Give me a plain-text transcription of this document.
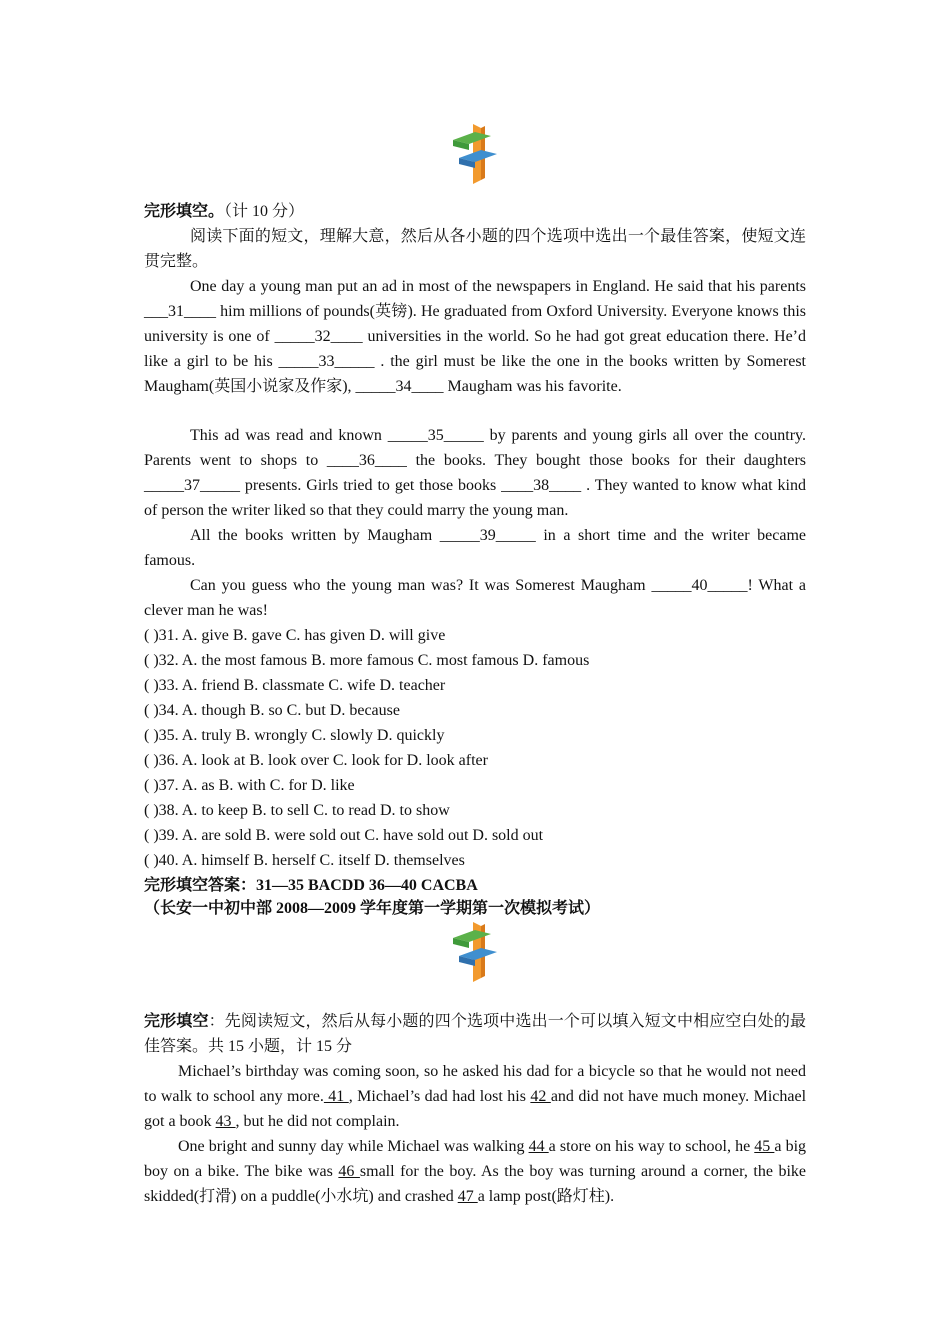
完形填空。（计 10 分）

阅读下面的短文，理解大意，然后从各小题的四个选项中选出一个最佳答案，使短文连贯完整。

One day a young man put an ad in most of the newspapers in England. He said that his parents ___31____ him millions of pounds(英镑). He graduated from Oxford University. Everyone knows this university is one of _____32____ universities in the world. So he had got great education there. He’d like a girl to be his _____33_____ . the girl must be like the one in the books written by Somerest Maugham(英国小说家及作家), _____34____ Maugham was his favorite.

This ad was read and known _____35_____ by parents and young girls all over the country. Parents went to shops to ____36____ the books. They bought those books for their daughters _____37_____ presents. Girls tried to get those books ____38____ . They wanted to know what kind of person the writer liked so that they could marry the young man.

All the books written by Maugham _____39_____ in a short time and the writer became famous.

Can you guess who the young man was? It was Somerest Maugham _____40_____! What a clever man he was!

( )31. A. give B. gave C. has given D. will give

( )32. A. the most famous B. more famous C. most famous D. famous

( )33. A. friend B. classmate C. wife D. teacher

( )34. A. though B. so C. but D. because

( )35. A. truly B. wrongly C. slowly D. quickly

( )36. A. look at B. look over C. look for D. look after

( )37. A. as B. with C. for D. like

( )38. A. to keep B. to sell C. to read D. to show

( )39. A. are sold B. were sold out C. have sold out D. sold out

( )40. A. himself B. herself C. itself D. themselves

完形填空答案：31—35 BACDD 36—40 CACBA

（长安一中初中部 2008—2009 学年度第一学期第一次模拟考试）

完形填空：先阅读短文，然后从每小题的四个选项中选出一个可以填入短文中相应空白处的最佳答案。共 15 小题，计 15 分

Michael’s birthday was coming soon, so he asked his dad for a bicycle so that he would not need to walk to school any more. 41 , Michael’s dad had lost his 42 and did not have much money. Michael got a book 43 , but he did not complain.

One bright and sunny day while Michael was walking 44 a store on his way to school, he 45 a big boy on a bike. The bike was 46 small for the boy. As the boy was turning around a corner, the bike skidded(打滑) on a puddle(小水坑) and crashed 47 a lamp post(路灯柱).
